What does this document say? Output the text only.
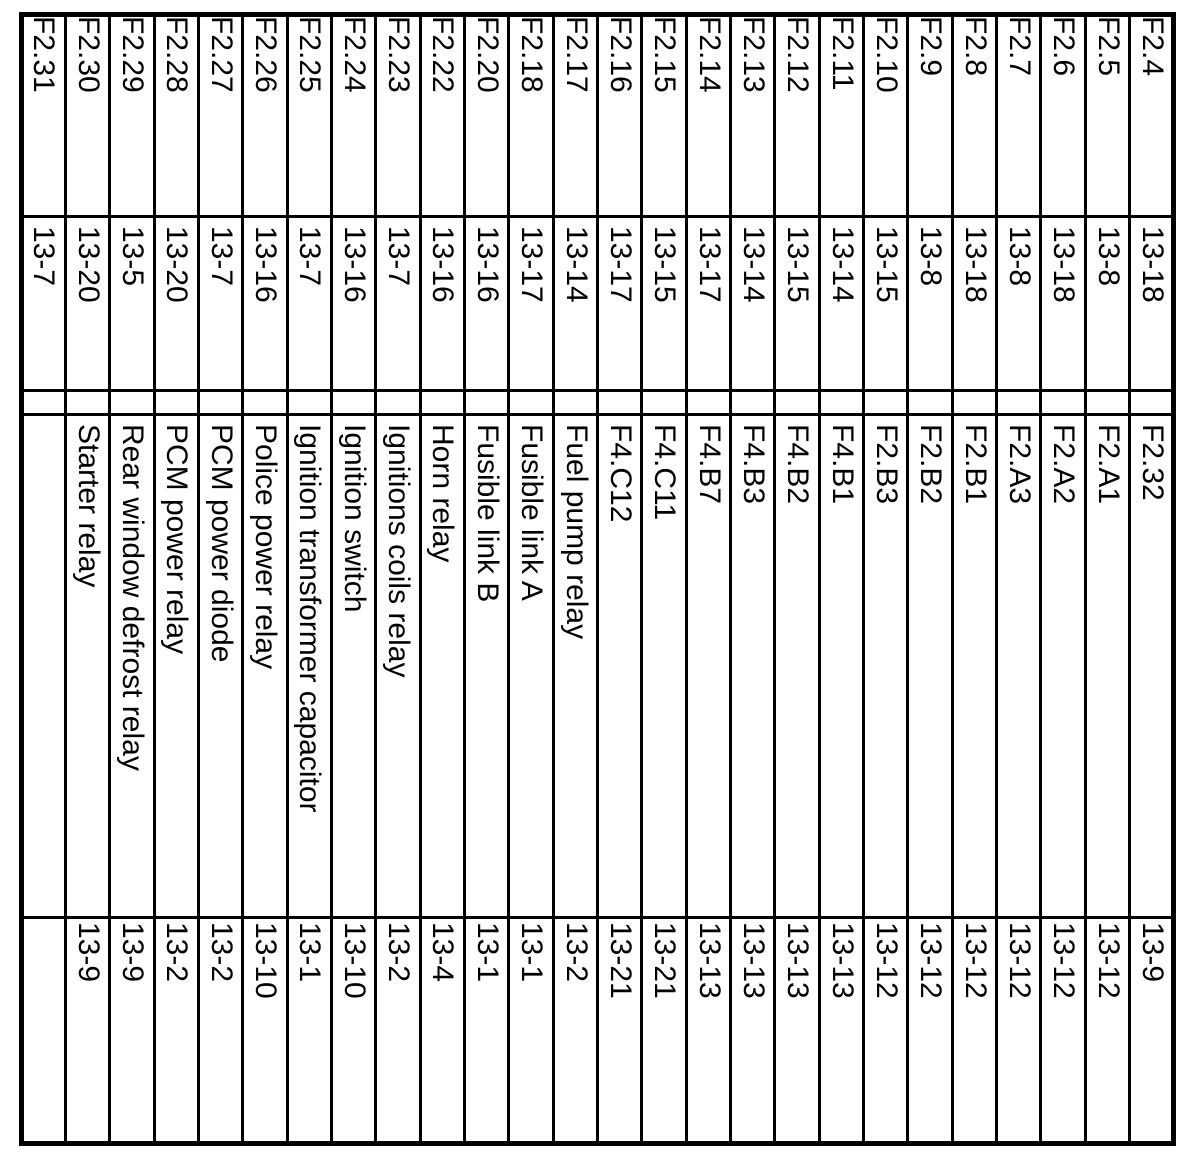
F2.4
13-18
F2.32
13-9
F2.5
13-8
F2.A1
13-12
F2.6
13-18
F2.A2
13-12
F2.7
13-8
F2.A3
13-12
F2.8
13-18
F2.B1
13-12
F2.9
13-8
F2.B2
13-12
F2.10
13-15
F2.B3
13-12
F2.11
13-14
F4.B1
13-13
F2.12
13-15
F4.B2
13-13
F2.13
13-14
F4.B3
13-13
F2.14
13-17
F4.B7
13-13
F2.15
13-15
F4.C11
13-21
F2.16
13-17
F4.C12
13-21
F2.17
13-14
Fuel pump relay
13-2
F2.18
13-17
Fusible link A
13-1
F2.20
13-16
Fusible link B
13-1
F2.22
13-16
Horn relay
13-4
F2.23
13-7
Ignitions coils relay
13-2
F2.24
13-16
Ignition switch
13-10
F2.25
13-7
Ignition transformer capacitor
13-1
F2.26
13-16
Police power relay
13-10
F2.27
13-7
PCM power diode
13-2
F2.28
13-20
PCM power relay
13-2
F2.29
13-5
Rear window defrost relay
13-9
F2.30
13-20
Starter relay
13-9
F2.31
13-7
